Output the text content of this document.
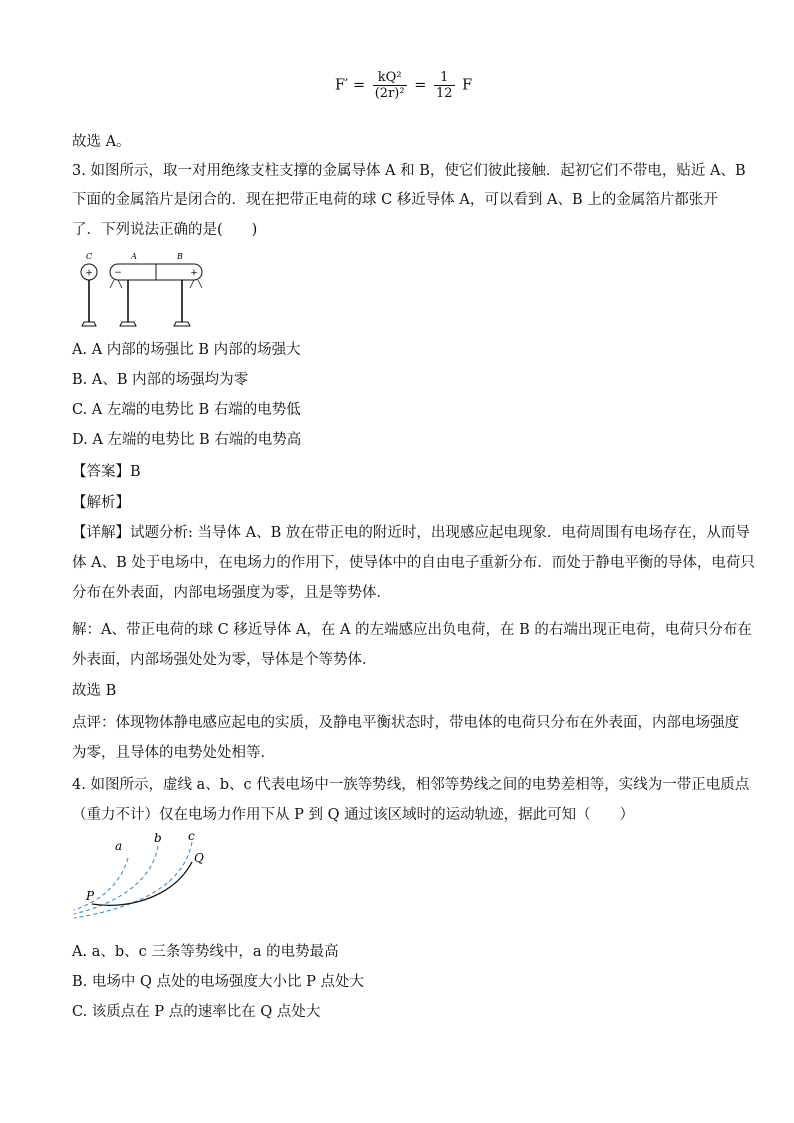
$F' = \frac{\text{kQ²}}{\text{(2r)²}} = \frac{1}{12}$ F
故选 A。
3. 如图所示，取一对用绝缘支柱支撑的金属导体 A 和 B，使它们彼此接触．起初它们不带电，贴近 A、B
下面的金属箔片是闭合的．现在把带正电荷的球 C 移近导体 A，可以看到 A、B 上的金属箔片都张开
了．下列说法正确的是(　　)
C	A	B
+ −	+
A. A 内部的场强比 B 内部的场强大
B. A、B 内部的场强均为零
C. A 左端的电势比 B 右端的电势低
D. A 左端的电势比 B 右端的电势高
【答案】B
【解析】
【详解】试题分析: 当导体 A、B 放在带正电的附近时，出现感应起电现象．电荷周围有电场存在，从而导
体 A、B 处于电场中，在电场力的作用下，使导体中的自由电子重新分布．而处于静电平衡的导体，电荷只
分布在外表面，内部电场强度为零，且是等势体．
解：A、带正电荷的球 C 移近导体 A，在 A 的左端感应出负电荷，在 B 的右端出现正电荷，电荷只分布在
外表面，内部场强处处为零，导体是个等势体．
故选 B
点评：体现物体静电感应起电的实质，及静电平衡状态时，带电体的电荷只分布在外表面，内部电场强度
为零，且导体的电势处处相等．
4. 如图所示，虚线 a、b、c 代表电场中一族等势线，相邻等势线之间的电势差相等，实线为一带正电质点
（重力不计）仅在电场力作用下从 P 到 Q 通过该区域时的运动轨迹，据此可知（　　）
a
b c
Q
P
A. a、b、c 三条等势线中，a 的电势最高
B. 电场中 Q 点处的电场强度大小比 P 点处大
C. 该质点在 P 点的速率比在 Q 点处大
